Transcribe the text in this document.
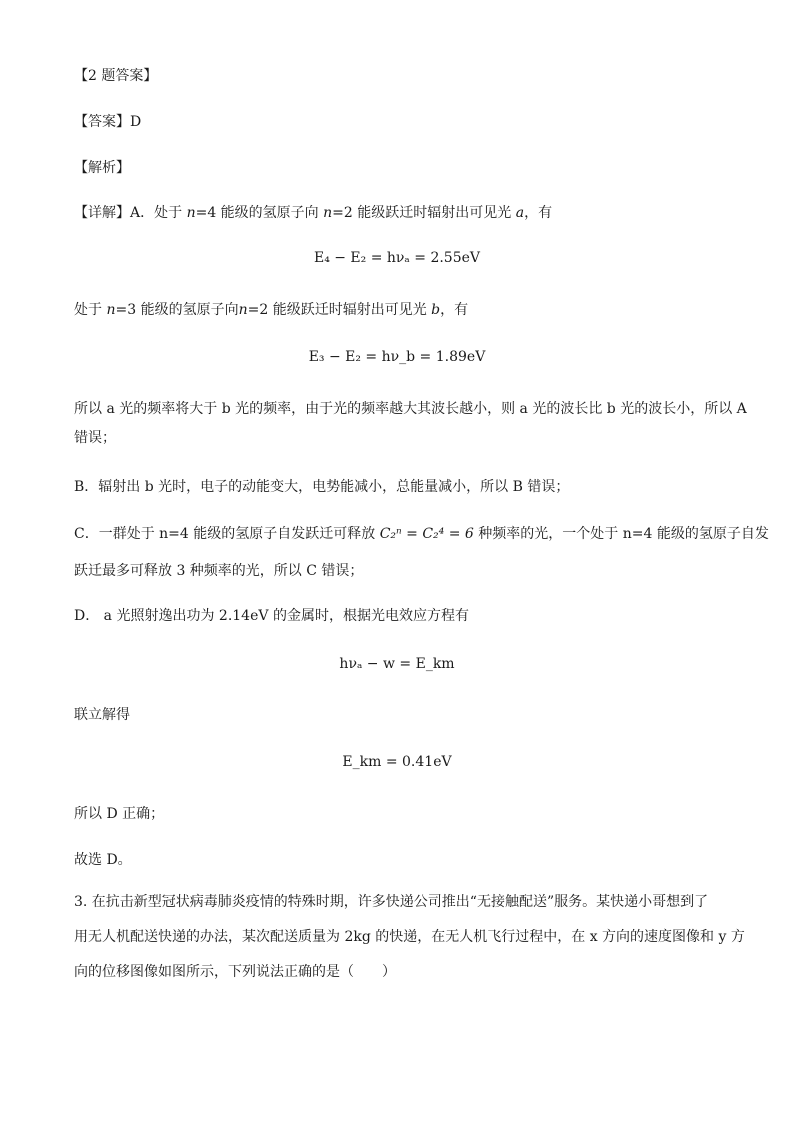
【2 题答案】
【答案】D
【解析】
【详解】A．处于 n=4 能级的氢原子向 n=2 能级跃迁时辐射出可见光 a，有
E₄ − E₂ = hνₐ = 2.55eV
处于 n=3 能级的氢原子向n=2 能级跃迁时辐射出可见光 b，有
E₃ − E₂ = hν_b = 1.89eV
所以 a 光的频率将大于 b 光的频率，由于光的频率越大其波长越小，则 a 光的波长比 b 光的波长小，所以 A
错误；
B．辐射出 b 光时，电子的动能变大，电势能减小，总能量减小，所以 B 错误；
C．一群处于 n=4 能级的氢原子自发跃迁可释放 C₂ⁿ = C₂⁴ = 6 种频率的光，一个处于 n=4 能级的氢原子自发
跃迁最多可释放 3 种频率的光，所以 C 错误；
D． a 光照射逸出功为 2.14eV 的金属时，根据光电效应方程有
hνₐ − w = E_km
联立解得
E_km = 0.41eV
所以 D 正确；
故选 D。
3. 在抗击新型冠状病毒肺炎疫情的特殊时期，许多快递公司推出“无接触配送”服务。某快递小哥想到了
用无人机配送快递的办法，某次配送质量为 2kg 的快递，在无人机飞行过程中，在 x 方向的速度图像和 y 方
向的位移图像如图所示，下列说法正确的是（　　）
